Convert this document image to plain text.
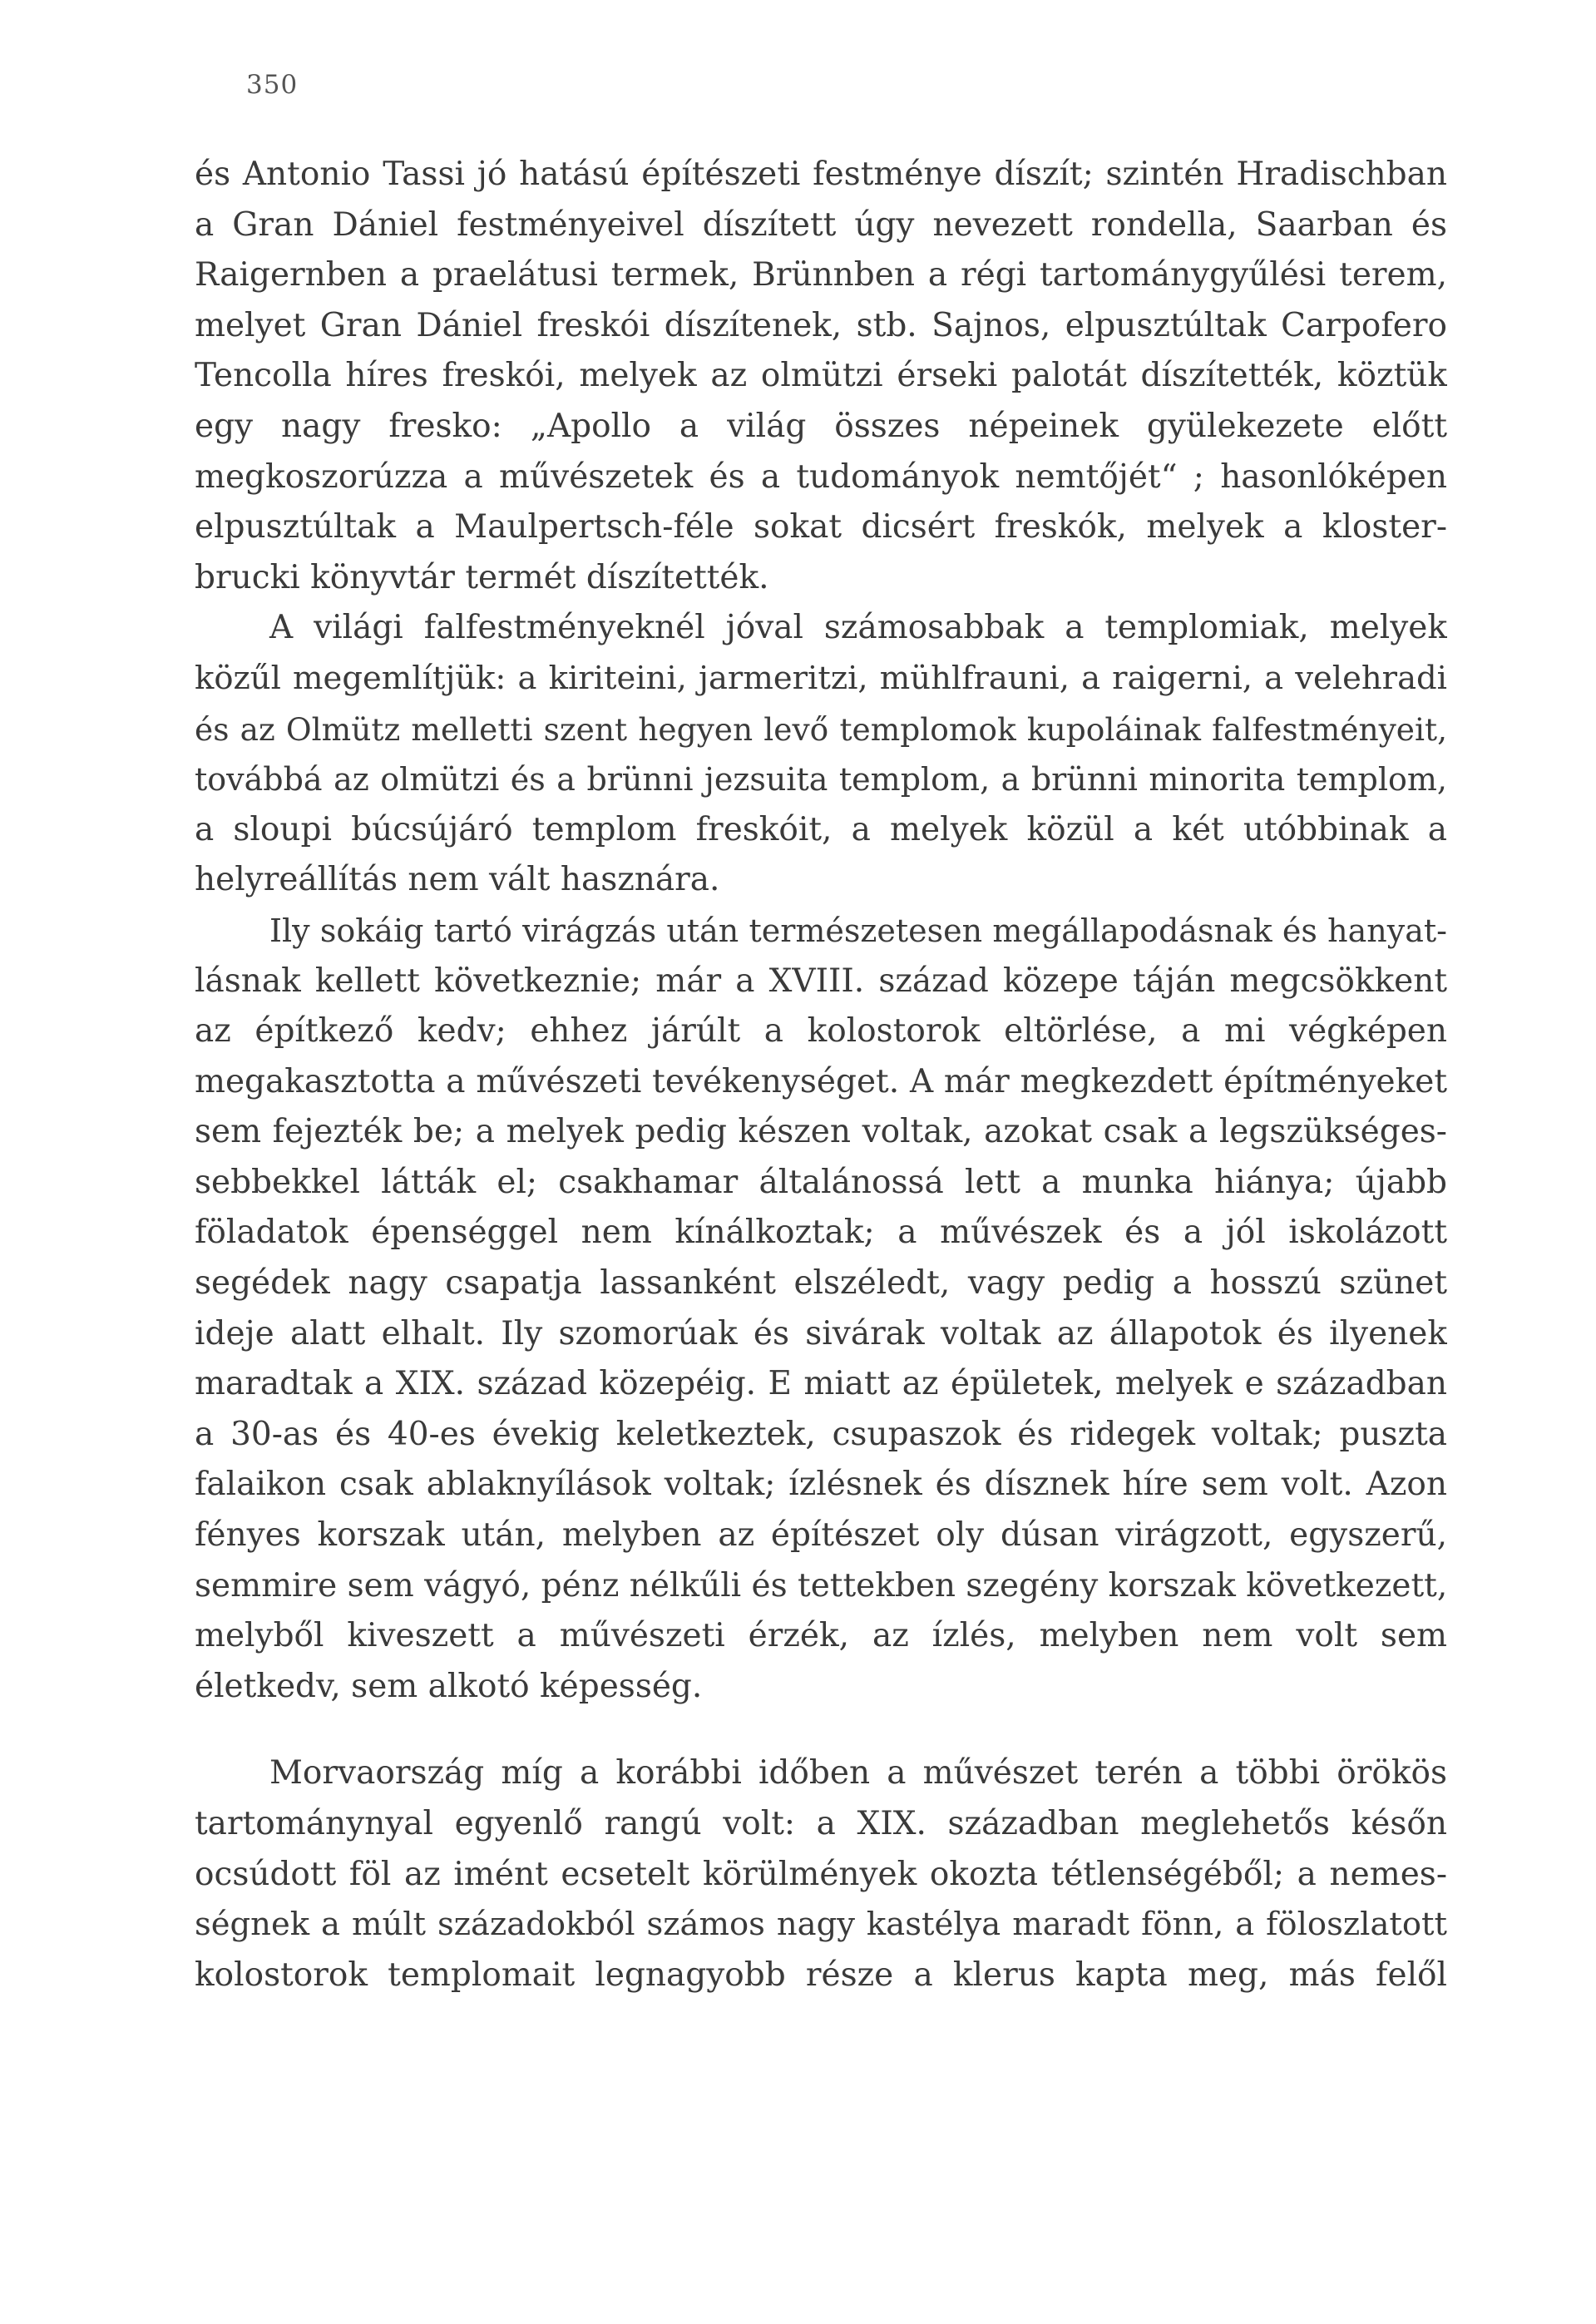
350
és Antonio Tassi jó hatású építészeti festménye díszít; szintén Hradischban
a Gran Dániel festményeivel díszített úgy nevezett rondella, Saarban és
Raigernben a praelátusi termek, Brünnben a régi tartománygyűlési terem,
melyet Gran Dániel freskói díszítenek, stb. Sajnos, elpusztúltak Carpofero
Tencolla híres freskói, melyek az olmützi érseki palotát díszítették, köztük
egy nagy fresko: „Apollo a világ összes népeinek gyülekezete előtt
megkoszorúzza a művészetek és a tudományok nemtőjét“ ; hasonlóképen
elpusztúltak a Maulpertsch-féle sokat dicsért freskók, melyek a kloster-
brucki könyvtár termét díszítették.
A világi falfestményeknél jóval számosabbak a templomiak, melyek
közűl megemlítjük: a kiriteini, jarmeritzi, mühlfrauni, a raigerni, a velehradi
és az Olmütz melletti szent hegyen levő templomok kupoláinak falfestményeit,
továbbá az olmützi és a brünni jezsuita templom, a brünni minorita templom,
a sloupi búcsújáró templom freskóit, a melyek közül a két utóbbinak a
helyreállítás nem vált hasznára.
Ily sokáig tartó virágzás után természetesen megállapodásnak és hanyat-
lásnak kellett következnie; már a XVIII. század közepe táján megcsökkent
az építkező kedv; ehhez járúlt a kolostorok eltörlése, a mi végképen
megakasztotta a művészeti tevékenységet. A már megkezdett építményeket
sem fejezték be; a melyek pedig készen voltak, azokat csak a legszükséges-
sebbekkel látták el; csakhamar általánossá lett a munka hiánya; újabb
föladatok épenséggel nem kínálkoztak; a művészek és a jól iskolázott
segédek nagy csapatja lassanként elszéledt, vagy pedig a hosszú szünet
ideje alatt elhalt. Ily szomorúak és sivárak voltak az állapotok és ilyenek
maradtak a XIX. század közepéig. E miatt az épületek, melyek e században
a 30-as és 40-es évekig keletkeztek, csupaszok és ridegek voltak; puszta
falaikon csak ablaknyílások voltak; ízlésnek és dísznek híre sem volt. Azon
fényes korszak után, melyben az építészet oly dúsan virágzott, egyszerű,
semmire sem vágyó, pénz nélkűli és tettekben szegény korszak következett,
melyből kiveszett a művészeti érzék, az ízlés, melyben nem volt sem
életkedv, sem alkotó képesség.
Morvaország míg a korábbi időben a művészet terén a többi örökös
tartománynyal egyenlő rangú volt: a XIX. században meglehetős későn
ocsúdott föl az imént ecsetelt körülmények okozta tétlenségéből; a nemes-
ségnek a múlt századokból számos nagy kastélya maradt fönn, a föloszlatott
kolostorok templomait legnagyobb része a klerus kapta meg, más felől
